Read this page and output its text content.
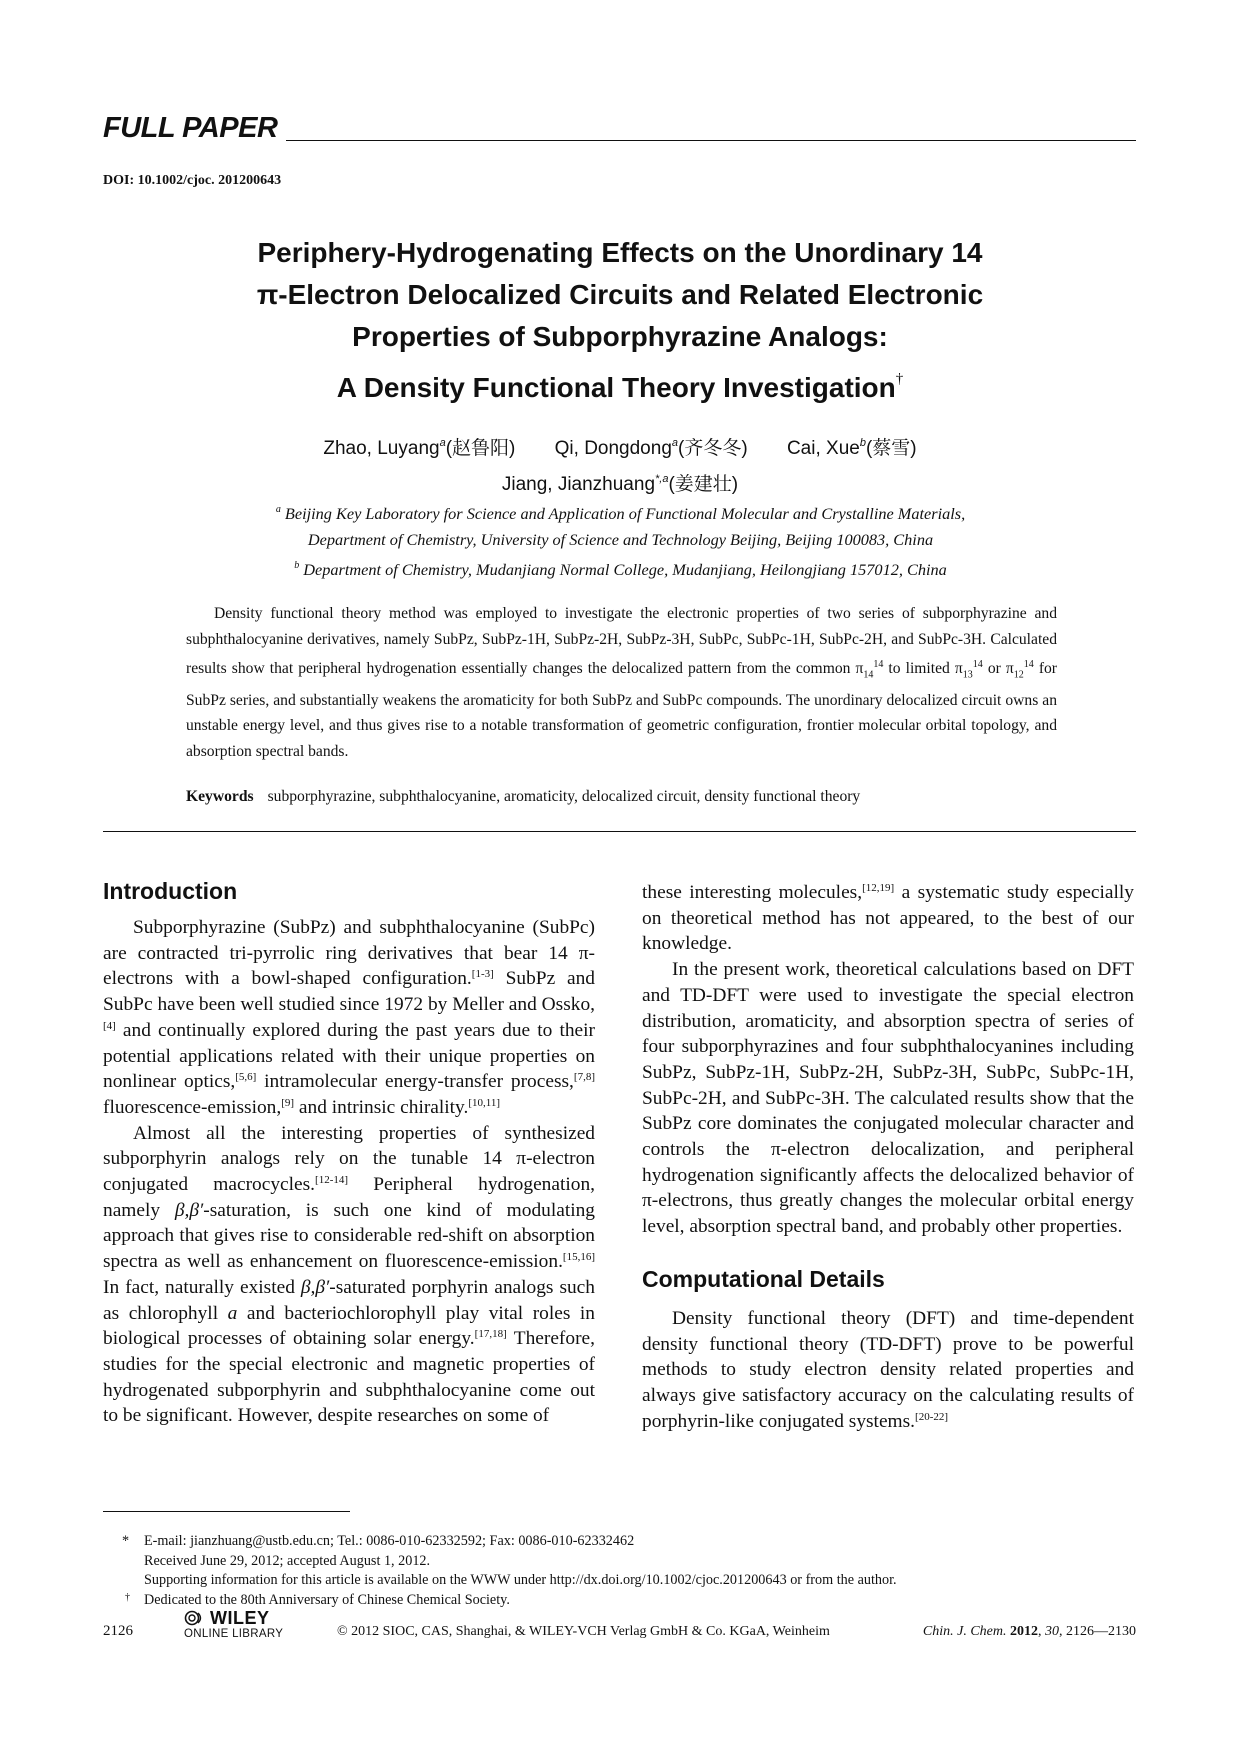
FULL PAPER
DOI: 10.1002/cjoc. 201200643
Periphery-Hydrogenating Effects on the Unordinary 14
π-Electron Delocalized Circuits and Related Electronic
Properties of Subporphyrazine Analogs:
A Density Functional Theory Investigation†
Zhao, Luyang$^a$(赵鲁阳) Qi, Dongdong$^a$(齐冬冬) Cai, Xue$^b$(蔡雪)
Jiang, Jianzhuang$^{*,a}$(姜建壮)
$^a$ Beijing Key Laboratory for Science and Application of Functional Molecular and Crystalline Materials,
Department of Chemistry, University of Science and Technology Beijing, Beijing 100083, China
$^b$ Department of Chemistry, Mudanjiang Normal College, Mudanjiang, Heilongjiang 157012, China
Density functional theory method was employed to investigate the electronic properties of two series of subporphyrazine and subphthalocyanine derivatives, namely SubPz, SubPz-1H, SubPz-2H, SubPz-3H, SubPc, SubPc-1H, SubPc-2H, and SubPc-3H. Calculated results show that peripheral hydrogenation essentially changes the delocalized pattern from the common $\pi_{14}^{14}$ to limited $\pi_{13}^{14}$ or $\pi_{12}^{14}$ for SubPz series, and substantially weakens the aromaticity for both SubPz and SubPc compounds. The unordinary delocalized circuit owns an unstable energy level, and thus gives rise to a notable transformation of geometric configuration, frontier molecular orbital topology, and absorption spectral bands.
Keywords subporphyrazine, subphthalocyanine, aromaticity, delocalized circuit, density functional theory
Introduction

Subporphyrazine (SubPz) and subphthalocyanine (SubPc) are contracted tri-pyrrolic ring derivatives that bear 14 π-electrons with a bowl-shaped configuration.[1-3] SubPz and SubPc have been well studied since 1972 by Meller and Ossko,[4] and continually explored during the past years due to their potential applications related with their unique properties on nonlinear optics,[5,6] intramolecular energy-transfer process,[7,8] fluorescence-emission,[9] and intrinsic chirality.[10,11]

Almost all the interesting properties of synthesized subporphyrin analogs rely on the tunable 14 π-electron conjugated macrocycles.[12-14] Peripheral hydrogenation, namely β,β′-saturation, is such one kind of modulating approach that gives rise to considerable red-shift on absorption spectra as well as enhancement on fluorescence-emission.[15,16] In fact, naturally existed β,β′-saturated porphyrin analogs such as chlorophyll a and bacteriochlorophyll play vital roles in biological processes of obtaining solar energy.[17,18] Therefore, studies for the special electronic and magnetic properties of hydrogenated subporphyrin and subphthalocyanine come out to be significant. However, despite researches on some of

these interesting molecules,[12,19] a systematic study especially on theoretical method has not appeared, to the best of our knowledge.

In the present work, theoretical calculations based on DFT and TD-DFT were used to investigate the special electron distribution, aromaticity, and absorption spectra of series of four subporphyrazines and four subphthalocyanines including SubPz, SubPz-1H, SubPz-2H, SubPz-3H, SubPc, SubPc-1H, SubPc-2H, and SubPc-3H. The calculated results show that the SubPz core dominates the conjugated molecular character and controls the π-electron delocalization, and peripheral hydrogenation significantly affects the delocalized behavior of π-electrons, thus greatly changes the molecular orbital energy level, absorption spectral band, and probably other properties.

Computational Details

Density functional theory (DFT) and time-dependent density functional theory (TD-DFT) prove to be powerful methods to study electron density related properties and always give satisfactory accuracy on the calculating results of porphyrin-like conjugated systems.[20-22]

* E-mail: jianzhuang@ustb.edu.cn; Tel.: 0086-010-62332592; Fax: 0086-010-62332462
Received June 29, 2012; accepted August 1, 2012.
Supporting information for this article is available on the WWW under http://dx.doi.org/10.1002/cjoc.201200643 or from the author.
† Dedicated to the 80th Anniversary of Chinese Chemical Society.
2126
WILEY
ONLINE LIBRARY	© 2012 SIOC, CAS, Shanghai, & WILEY-VCH Verlag GmbH & Co. KGaA, Weinheim	Chin. J. Chem. 2012, 30, 2126—2130
